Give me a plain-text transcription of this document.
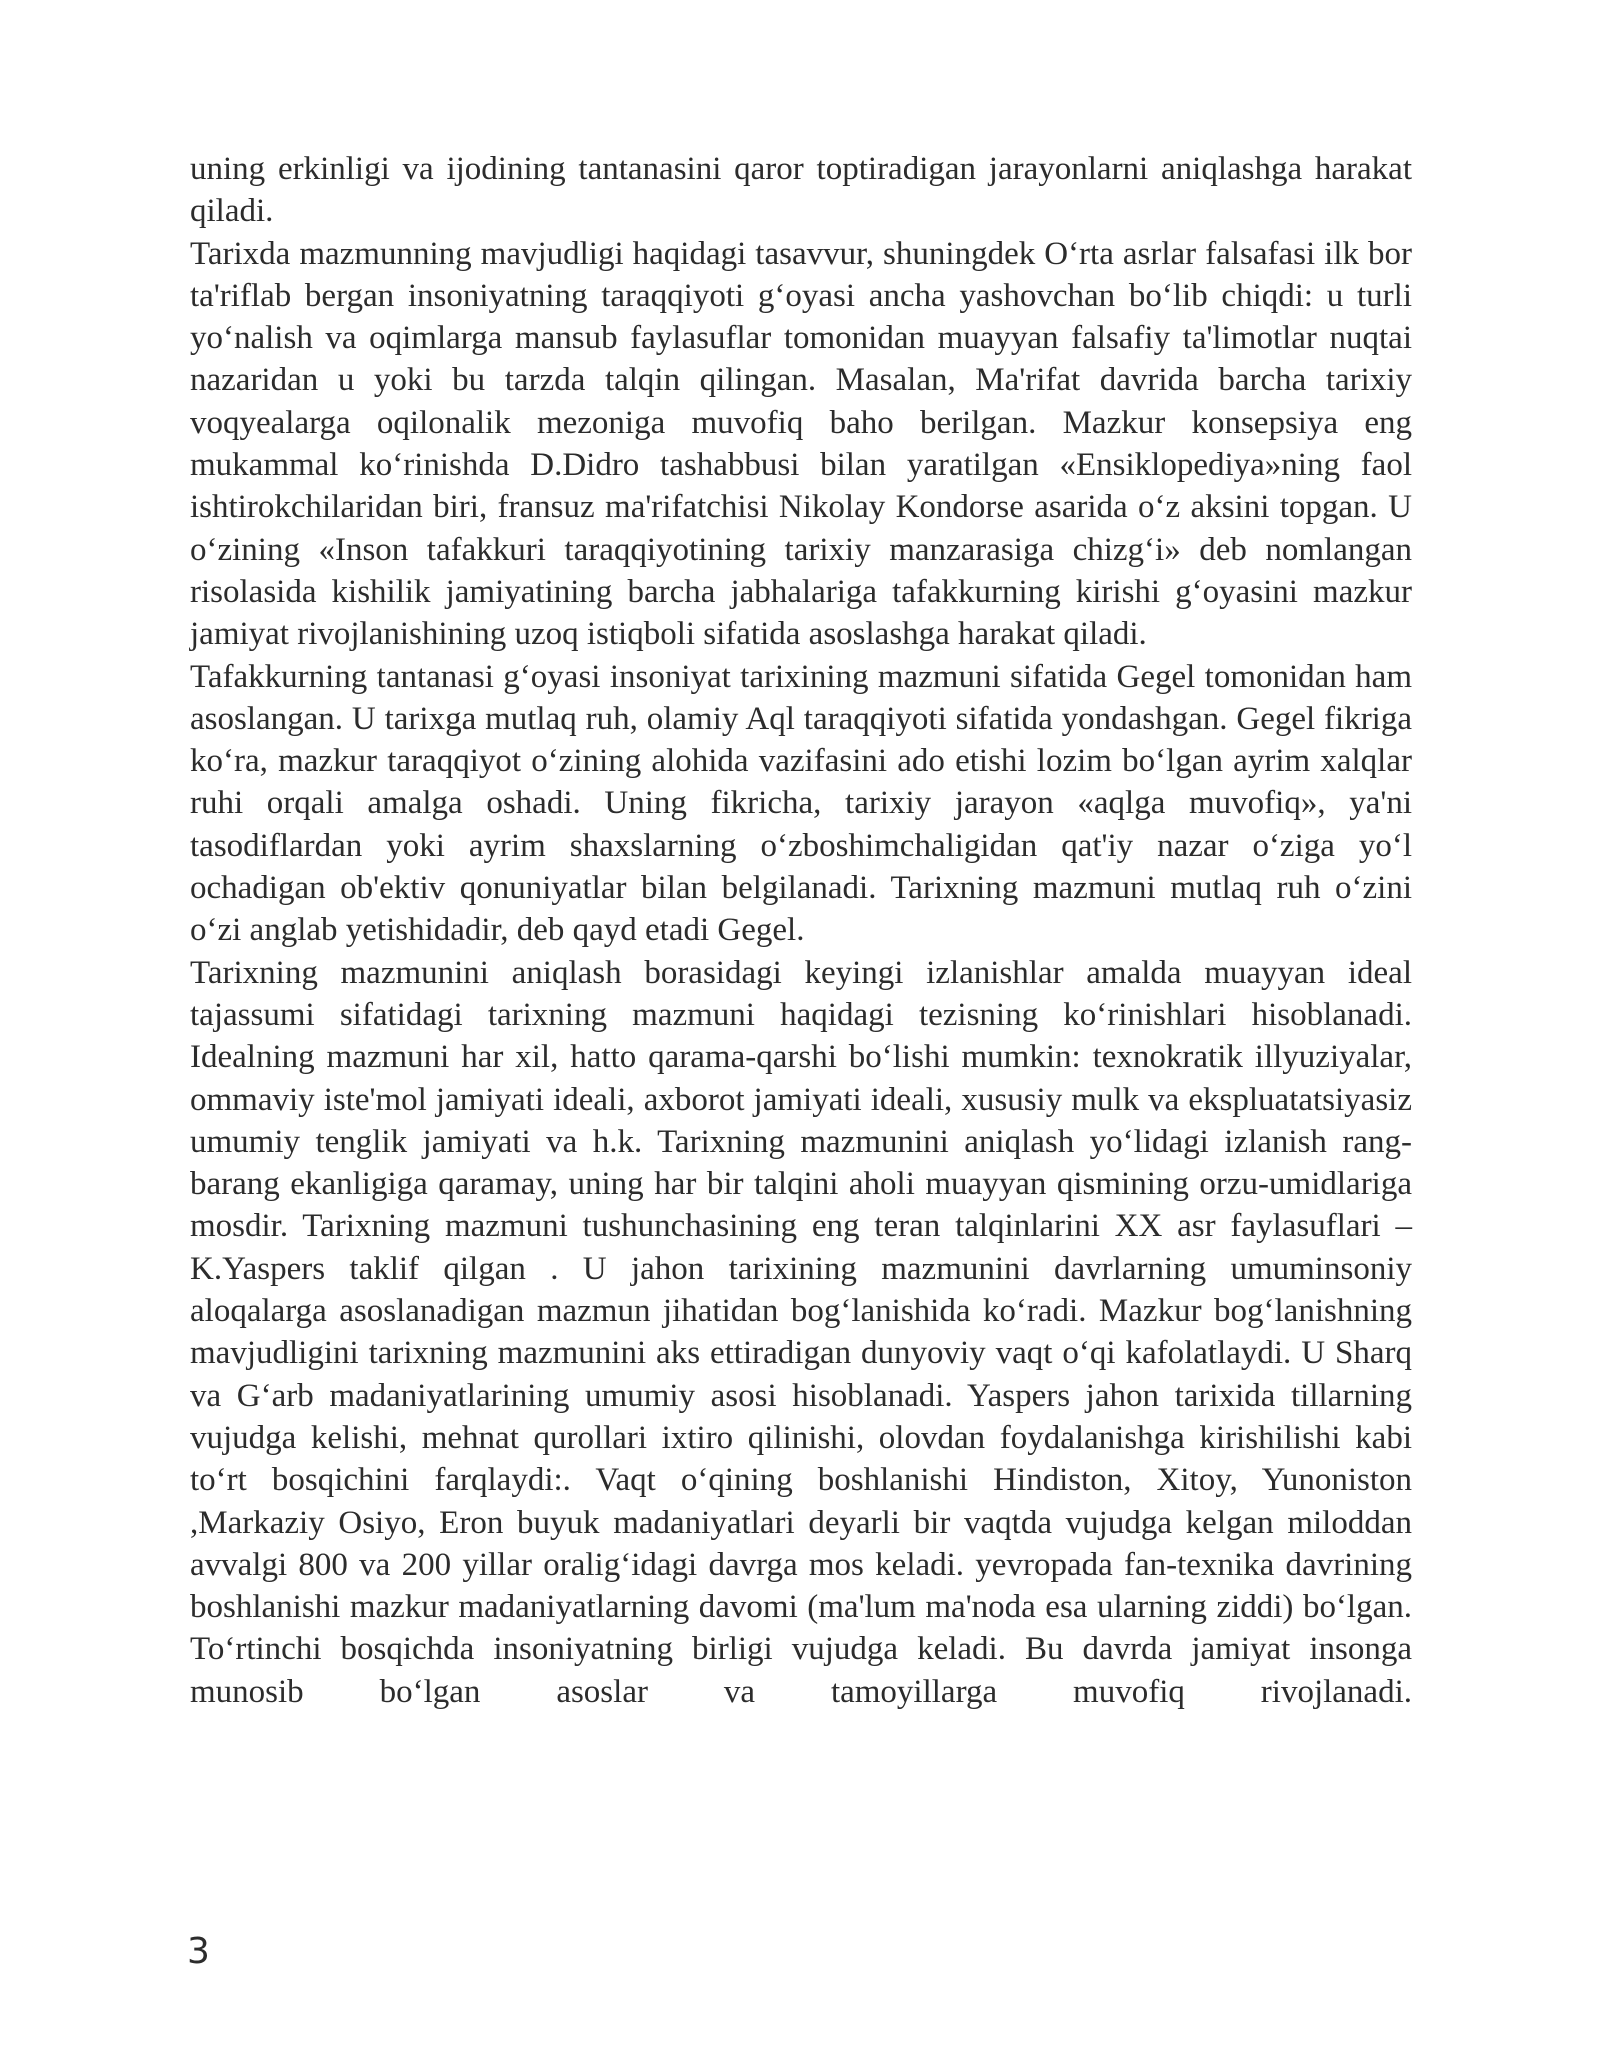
uning erkinligi va ijodining tantanasini qaror toptiradigan jarayonlarni aniqlashga harakat qiladi.

Tarixda mazmunning mavjudligi haqidagi tasavvur, shuningdek O‘rta asrlar falsafasi ilk bor ta'riflab bergan insoniyatning taraqqiyoti g‘oyasi ancha yashovchan bo‘lib chiqdi: u turli yo‘nalish va oqimlarga mansub faylasuflar tomonidan muayyan falsafiy ta'limotlar nuqtai nazaridan u yoki bu tarzda talqin qilingan. Masalan, Ma'rifat davrida barcha tarixiy voqyealarga oqilonalik mezoniga muvofiq baho berilgan. Mazkur konsepsiya eng mukammal ko‘rinishda D.Didro tashabbusi bilan yaratilgan «Ensiklopediya»ning faol ishtirokchilaridan biri, fransuz ma'rifatchisi Nikolay Kondorse asarida o‘z aksini topgan. U o‘zining «Inson tafakkuri taraqqiyotining tarixiy manzarasiga chizg‘i» deb nomlangan risolasida kishilik jamiyatining barcha jabhalariga tafakkurning kirishi g‘oyasini mazkur jamiyat rivojlanishining uzoq istiqboli sifatida asoslashga harakat qiladi.

Tafakkurning tantanasi g‘oyasi insoniyat tarixining mazmuni sifatida Gegel tomonidan ham asoslangan. U tarixga mutlaq ruh, olamiy Aql taraqqiyoti sifatida yondashgan. Gegel fikriga ko‘ra, mazkur taraqqiyot o‘zining alohida vazifasini ado etishi lozim bo‘lgan ayrim xalqlar ruhi orqali amalga oshadi. Uning fikricha, tarixiy jarayon «aqlga muvofiq», ya'ni tasodiflardan yoki ayrim shaxslarning o‘zboshimchaligidan qat'iy nazar o‘ziga yo‘l ochadigan ob'ektiv qonuniyatlar bilan belgilanadi. Tarixning mazmuni mutlaq ruh o‘zini o‘zi anglab yetishidadir, deb qayd etadi Gegel.

Tarixning mazmunini aniqlash borasidagi keyingi izlanishlar amalda muayyan ideal tajassumi sifatidagi tarixning mazmuni haqidagi tezisning ko‘rinishlari hisoblanadi. Idealning mazmuni har xil, hatto qarama-qarshi bo‘lishi mumkin: texnokratik illyuziyalar, ommaviy iste'mol jamiyati ideali, axborot jamiyati ideali, xususiy mulk va ekspluatatsiyasiz umumiy tenglik jamiyati va h.k. Tarixning mazmunini aniqlash yo‘lidagi izlanish rang-barang ekanligiga qaramay, uning har bir talqini aholi muayyan qismining orzu-umidlariga mosdir. Tarixning mazmuni tushunchasining eng teran talqinlarini XX asr faylasuflari –K.Yaspers taklif qilgan . U jahon tarixining mazmunini davrlarning umuminsoniy aloqalarga asoslanadigan mazmun jihatidan bog‘lanishida ko‘radi. Mazkur bog‘lanishning mavjudligini tarixning mazmunini aks ettiradigan dunyoviy vaqt o‘qi kafolatlaydi. U Sharq va G‘arb madaniyatlarining umumiy asosi hisoblanadi. Yaspers jahon tarixida tillarning vujudga kelishi, mehnat qurollari ixtiro qilinishi, olovdan foydalanishga kirishilishi kabi to‘rt bosqichini farqlaydi:. Vaqt o‘qining boshlanishi Hindiston, Xitoy, Yunoniston ,Markaziy Osiyo, Eron buyuk madaniyatlari deyarli bir vaqtda vujudga kelgan miloddan avvalgi 800 va 200 yillar oralig‘idagi davrga mos keladi. yevropada fan-texnika davrining boshlanishi mazkur madaniyatlarning davomi (ma'lum ma'noda esa ularning ziddi) bo‘lgan. To‘rtinchi bosqichda insoniyatning birligi vujudga keladi. Bu davrda jamiyat insonga munosib bo‘lgan asoslar va tamoyillarga muvofiq rivojlanadi.

3
